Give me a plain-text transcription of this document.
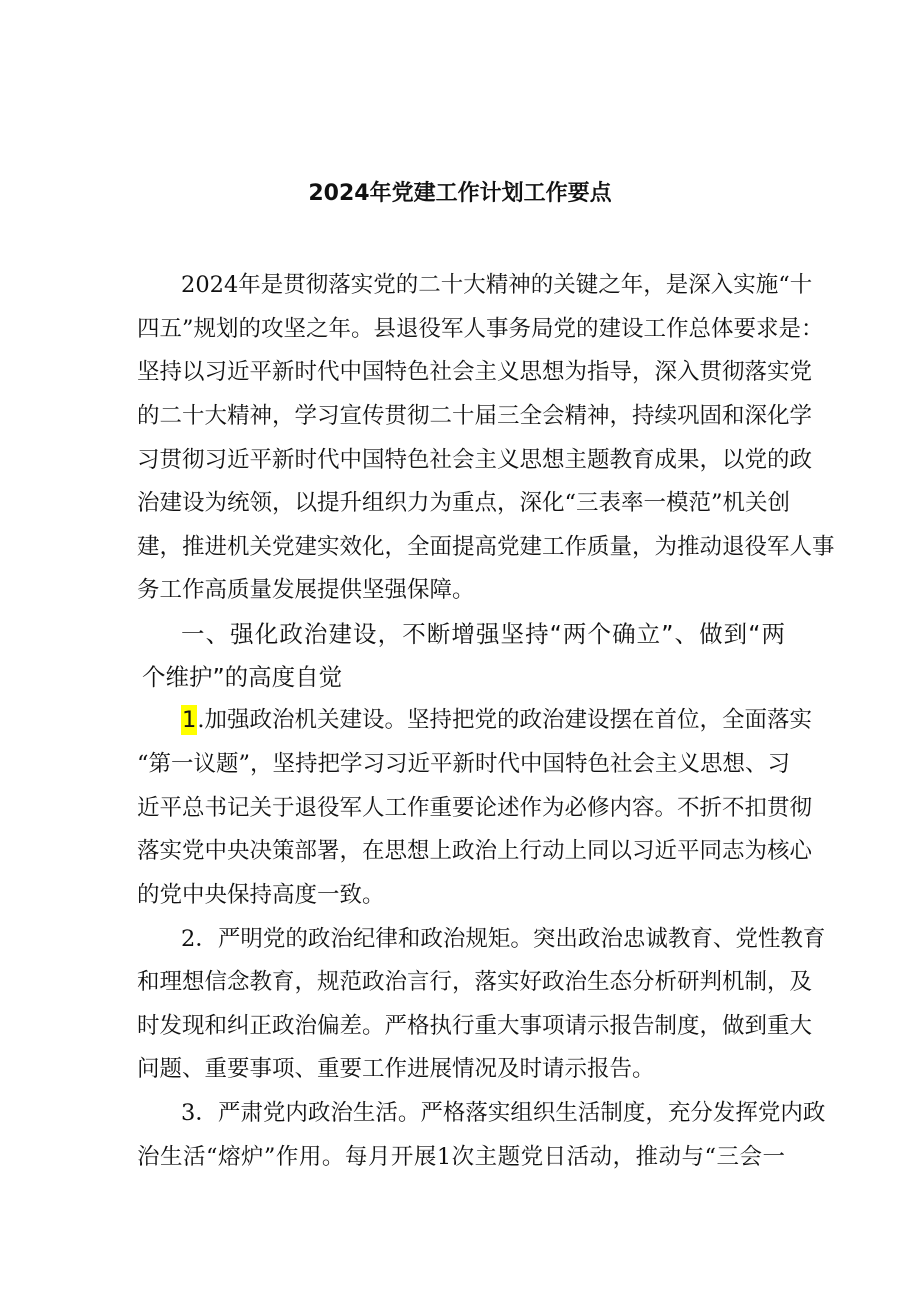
2024年党建工作计划工作要点
2024年是贯彻落实党的二十大精神的关键之年，是深入实施“十
四五”规划的攻坚之年。县退役军人事务局党的建设工作总体要求是：
坚持以习近平新时代中国特色社会主义思想为指导，深入贯彻落实党
的二十大精神，学习宣传贯彻二十届三全会精神，持续巩固和深化学
习贯彻习近平新时代中国特色社会主义思想主题教育成果，以党的政
治建设为统领，以提升组织力为重点，深化“三表率一模范”机关创
建，推进机关党建实效化，全面提高党建工作质量，为推动退役军人事
务工作高质量发展提供坚强保障。
一、强化政治建设，不断增强坚持“两个确立”、做到“两
个维护”的高度自觉
1 .加强政治机关建设。坚持把党的政治建设摆在首位，全面落实
“第一议题”，坚持把学习习近平新时代中国特色社会主义思想、习
近平总书记关于退役军人工作重要论述作为必修内容。不折不扣贯彻
落实党中央决策部署，在思想上政治上行动上同以习近平同志为核心
的党中央保持高度一致。
2．严明党的政治纪律和政治规矩。突出政治忠诚教育、党性教育
和理想信念教育，规范政治言行，落实好政治生态分析研判机制，及
时发现和纠正政治偏差。严格执行重大事项请示报告制度，做到重大
问题、重要事项、重要工作进展情况及时请示报告。
3．严肃党内政治生活。严格落实组织生活制度，充分发挥党内政
治生活“熔炉”作用。每月开展1次主题党日活动，推动与“三会一
